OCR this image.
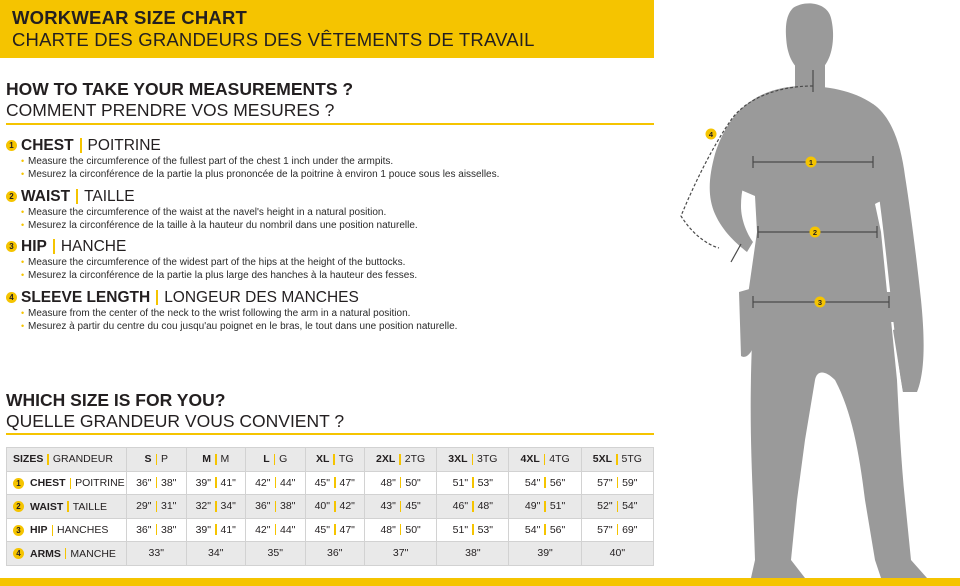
WORKWEAR SIZE CHART
CHARTE DES GRANDEURS DES VÊTEMENTS DE TRAVAIL
HOW TO TAKE YOUR MEASUREMENTS ?
COMMENT PRENDRE VOS MESURES ?
1 CHEST POITRINE
• Measure the circumference of the fullest part of the chest 1 inch under the armpits.
• Mesurez la circonférence de la partie la plus prononcée de la poitrine à environ 1 pouce sous les aisselles.
2 WAIST TAILLE
• Measure the circumference of the waist at the navel's height in a natural position.
• Mesurez la circonférence de la taille à la hauteur du nombril dans une position naturelle.
3 HIP HANCHE
• Measure the circumference of the widest part of the hips at the height of the buttocks.
• Mesurez la circonférence de la partie la plus large des hanches à la hauteur des fesses.
4 SLEEVE LENGTH LONGEUR DES MANCHES
• Measure from the center of the neck to the wrist following the arm in a natural position.
• Mesurez à partir du centre du cou jusqu'au poignet en le bras, le tout dans une position naturelle.
WHICH SIZE IS FOR YOU?
QUELLE GRANDEUR VOUS CONVIENT ?
SIZES GRANDEUR	S P	M M	L G	XL TG	2XL 2TG	3XL 3TG	4XL 4TG	5XL 5TG

1 CHEST POITRINE	36" 38"	39" 41"	42" 44"	45" 47"	48" 50"	51" 53"	54" 56"	57" 59"

2 WAIST TAILLE	29" 31"	32" 34"	36" 38"	40" 42"	43" 45"	46" 48"	49" 51"	52" 54"

3 HIP HANCHES	36" 38"	39" 41"	42" 44"	45" 47"	48" 50"	51" 53"	54" 56"	57" 69"

4 ARMS MANCHE	33"	34"	35"	36"	37"	38"	39"	40"
1
2
3
4
